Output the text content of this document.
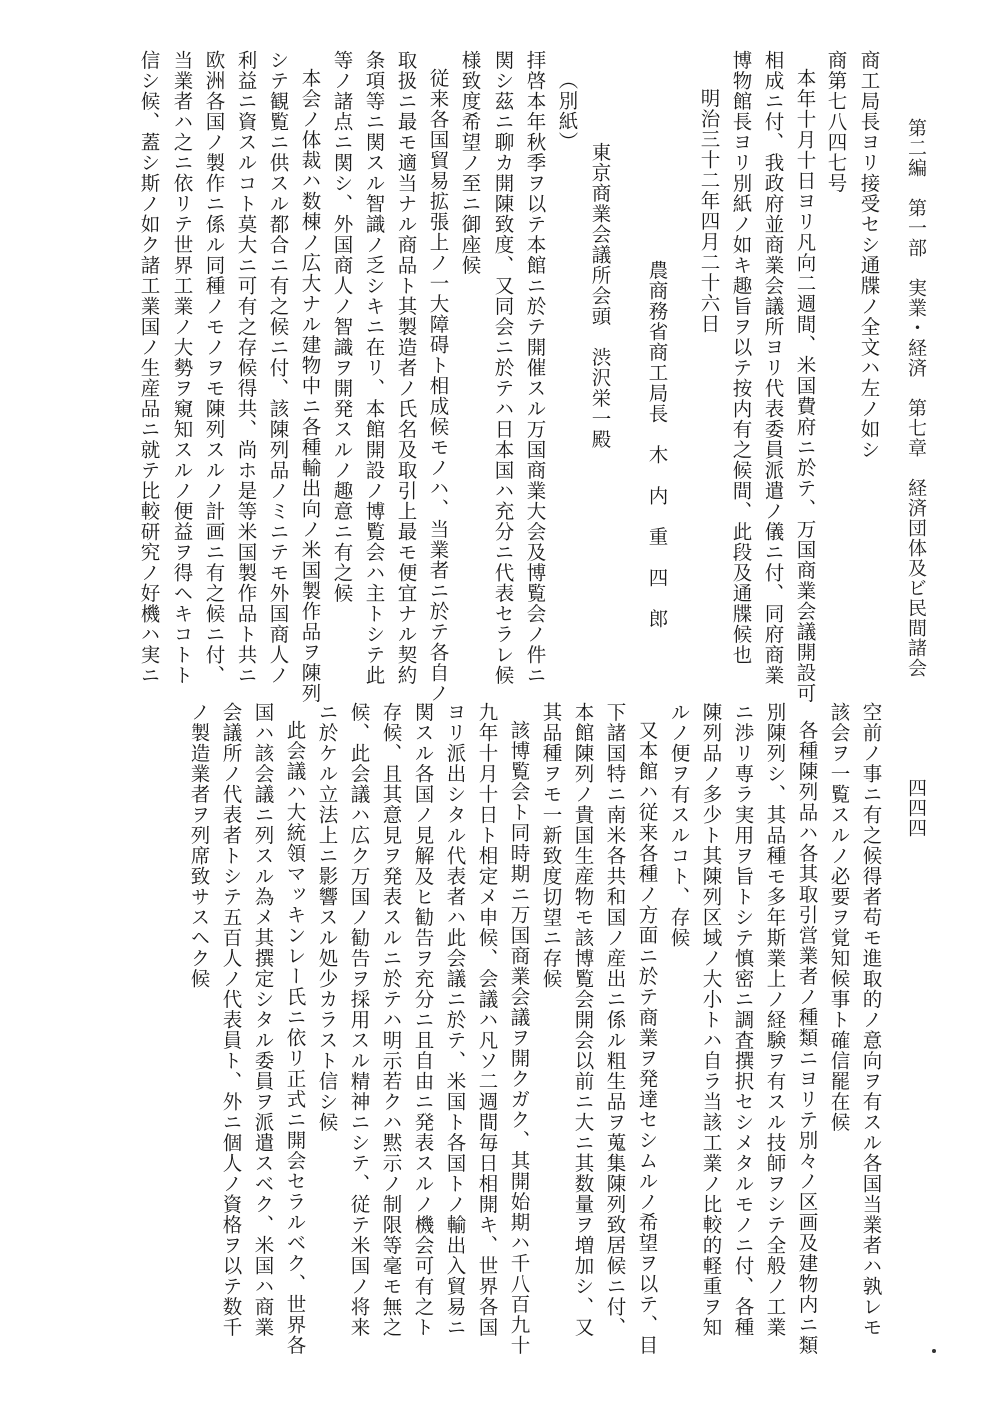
第二編　第一部　実業・経済　第七章　経済団体及ビ民間諸会
四四四
商工局長ヨリ接受セシ通牒ノ全文ハ左ノ如シ
商第七八四七号
本年十月十日ヨリ凡向二週間、米国費府ニ於テ、万国商業会議開設可
相成ニ付、我政府並商業会議所ヨリ代表委員派遣ノ儀ニ付、同府商業
博物館長ヨリ別紙ノ如キ趣旨ヲ以テ按内有之候間、此段及通牒候也
明治三十二年四月二十六日
農商務省商工局長　木　内　重　四　郎
東京商業会議所会頭　渋沢栄一殿
（別紙）
拝啓本年秋季ヲ以テ本館ニ於テ開催スル万国商業大会及博覧会ノ件ニ
関シ茲ニ聊カ開陳致度、又同会ニ於テハ日本国ハ充分ニ代表セラレ候
様致度希望ノ至ニ御座候
従来各国貿易拡張上ノ一大障碍ト相成候モノハ、当業者ニ於テ各自ノ
取扱ニ最モ適当ナル商品ト其製造者ノ氏名及取引上最モ便宜ナル契約
条項等ニ関スル智識ノ乏シキニ在リ、本館開設ノ博覧会ハ主トシテ此
等ノ諸点ニ関シ、外国商人ノ智識ヲ開発スルノ趣意ニ有之候
本会ノ体裁ハ数棟ノ広大ナル建物中ニ各種輸出向ノ米国製作品ヲ陳列
シテ観覧ニ供スル都合ニ有之候ニ付、該陳列品ノミニテモ外国商人ノ
利益ニ資スルコト莫大ニ可有之存候得共、尚ホ是等米国製作品ト共ニ
欧洲各国ノ製作ニ係ル同種ノモノヲモ陳列スルノ計画ニ有之候ニ付、
当業者ハ之ニ依リテ世界工業ノ大勢ヲ窺知スルノ便益ヲ得ヘキコトト
信シ候、蓋シ斯ノ如ク諸工業国ノ生産品ニ就テ比較研究ノ好機ハ実ニ
空前ノ事ニ有之候得者苟モ進取的ノ意向ヲ有スル各国当業者ハ孰レモ
該会ヲ一覧スルノ必要ヲ覚知候事ト確信罷在候
各種陳列品ハ各其取引営業者ノ種類ニヨリテ別々ノ区画及建物内ニ類
別陳列シ、其品種モ多年斯業上ノ経験ヲ有スル技師ヲシテ全般ノ工業
ニ渉リ専ラ実用ヲ旨トシテ慎密ニ調査撰択セシメタルモノニ付、各種
陳列品ノ多少ト其陳列区域ノ大小トハ自ラ当該工業ノ比較的軽重ヲ知
ルノ便ヲ有スルコト、存候
又本館ハ従来各種ノ方面ニ於テ商業ヲ発達セシムルノ希望ヲ以テ、目
下諸国特ニ南米各共和国ノ産出ニ係ル粗生品ヲ蒐集陳列致居候ニ付、
本館陳列ノ貴国生産物モ該博覧会開会以前ニ大ニ其数量ヲ増加シ、又
其品種ヲモ一新致度切望ニ存候
該博覧会ト同時期ニ万国商業会議ヲ開クガク、其開始期ハ千八百九十
九年十月十日ト相定メ申候、会議ハ凡ソ二週間毎日相開キ、世界各国
ヨリ派出シタル代表者ハ此会議ニ於テ、米国ト各国トノ輸出入貿易ニ
関スル各国ノ見解及ヒ勧告ヲ充分ニ且自由ニ発表スルノ機会可有之ト
存候、且其意見ヲ発表スルニ於テハ明示若クハ黙示ノ制限等毫モ無之
候、此会議ハ広ク万国ノ勧告ヲ採用スル精神ニシテ、従テ米国ノ将来
ニ於ケル立法上ニ影響スル処少カラスト信シ候
此会議ハ大統領マッキンレー氏ニ依リ正式ニ開会セラルベク、世界各
国ハ該会議ニ列スル為メ其撰定シタル委員ヲ派遣スベク、米国ハ商業
会議所ノ代表者トシテ五百人ノ代表員ト、外ニ個人ノ資格ヲ以テ数千
ノ製造業者ヲ列席致サスヘク候
